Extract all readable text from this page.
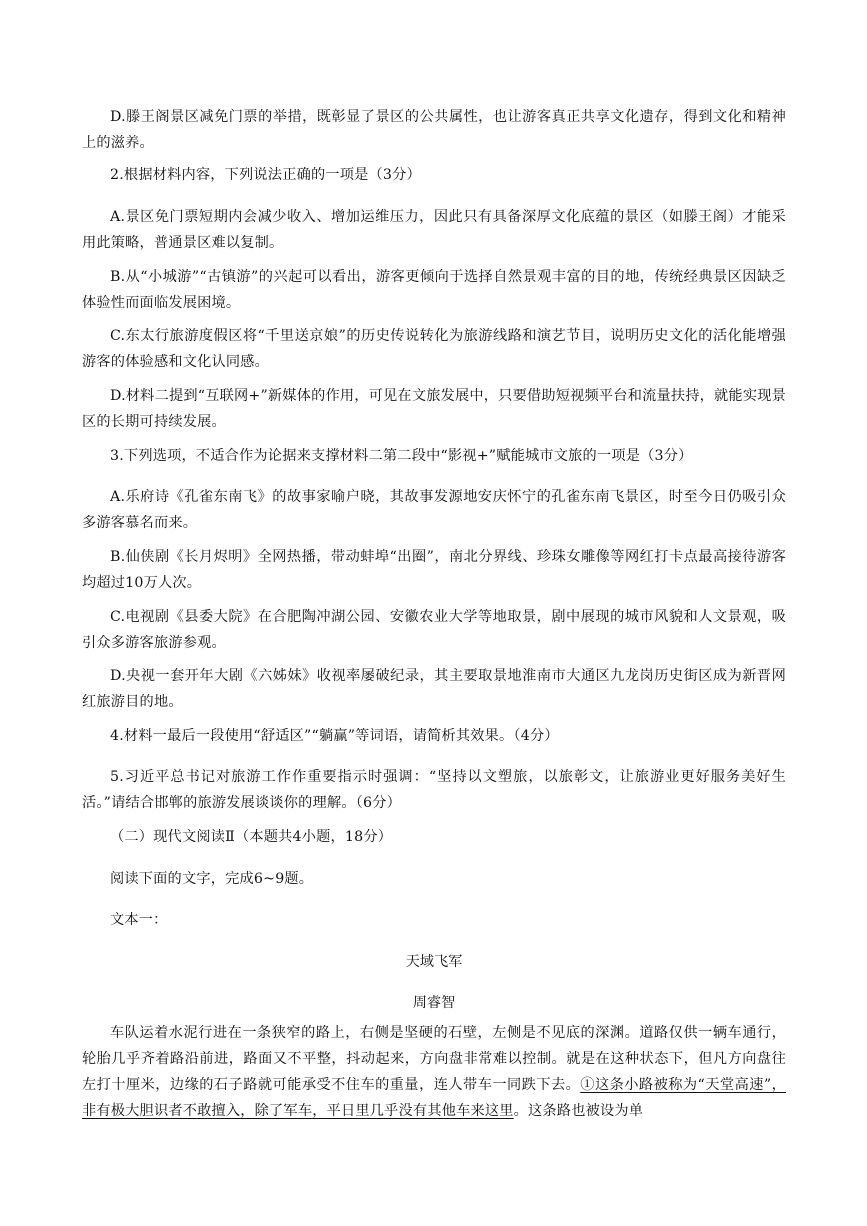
D.滕王阁景区减免门票的举措，既彰显了景区的公共属性，也让游客真正共享文化遗存，得到文化和精神上的滋养。

2.根据材料内容，下列说法正确的一项是（3分）

A.景区免门票短期内会减少收入、增加运维压力，因此只有具备深厚文化底蕴的景区（如滕王阁）才能采用此策略，普通景区难以复制。

B.从“小城游”“古镇游”的兴起可以看出，游客更倾向于选择自然景观丰富的目的地，传统经典景区因缺乏体验性而面临发展困境。

C.东太行旅游度假区将“千里送京娘”的历史传说转化为旅游线路和演艺节目，说明历史文化的活化能增强游客的体验感和文化认同感。

D.材料二提到“互联网+”新媒体的作用，可见在文旅发展中，只要借助短视频平台和流量扶持，就能实现景区的长期可持续发展。

3.下列选项，不适合作为论据来支撑材料二第二段中“影视+”赋能城市文旅的一项是（3分）

A.乐府诗《孔雀东南飞》的故事家喻户晓，其故事发源地安庆怀宁的孔雀东南飞景区，时至今日仍吸引众多游客慕名而来。

B.仙侠剧《长月烬明》全网热播，带动蚌埠“出圈”，南北分界线、珍珠女雕像等网红打卡点最高接待游客均超过10万人次。

C.电视剧《县委大院》在合肥陶冲湖公园、安徽农业大学等地取景，剧中展现的城市风貌和人文景观，吸引众多游客旅游参观。

D.央视一套开年大剧《六姊妹》收视率屡破纪录，其主要取景地淮南市大通区九龙岗历史街区成为新晋网红旅游目的地。

4.材料一最后一段使用“舒适区”“躺赢”等词语，请简析其效果。（4分）

5.习近平总书记对旅游工作作重要指示时强调：“坚持以文塑旅，以旅彰文，让旅游业更好服务美好生活。”请结合邯郸的旅游发展谈谈你的理解。（6分）

（二）现代文阅读Ⅱ（本题共4小题，18分）

阅读下面的文字，完成6~9题。

文本一：

天域飞军

周睿智

车队运着水泥行进在一条狭窄的路上，右侧是坚硬的石壁，左侧是不见底的深渊。道路仅供一辆车通行，轮胎几乎齐着路沿前进，路面又不平整，抖动起来，方向盘非常难以控制。就是在这种状态下，但凡方向盘往左打十厘米，边缘的石子路就可能承受不住车的重量，连人带车一同跌下去。①这条小路被称为“天堂高速”，非有极大胆识者不敢擅入，除了军车，平日里几乎没有其他车来这里。这条路也被设为单
